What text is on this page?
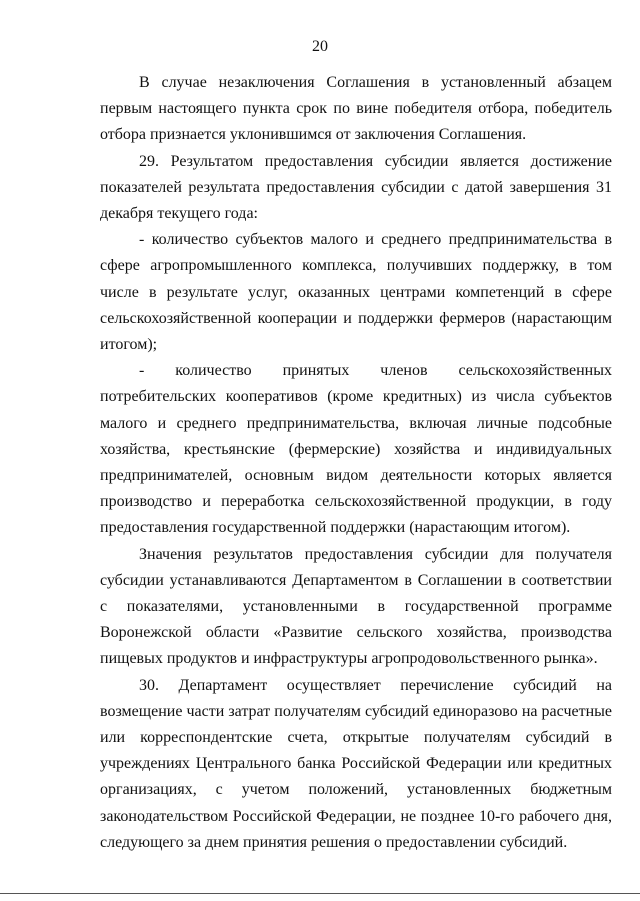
20

В случае незаключения Соглашения в установленный абзацем первым настоящего пункта срок по вине победителя отбора, победитель отбора признается уклонившимся от заключения Соглашения.

29. Результатом предоставления субсидии является достижение показателей результата предоставления субсидии с датой завершения 31 декабря текущего года:

- количество субъектов малого и среднего предпринимательства в сфере агропромышленного комплекса, получивших поддержку, в том числе в результате услуг, оказанных центрами компетенций в сфере сельскохозяйственной кооперации и поддержки фермеров (нарастающим итогом);

- количество принятых членов сельскохозяйственных потребительских кооперативов (кроме кредитных) из числа субъектов малого и среднего предпринимательства, включая личные подсобные хозяйства, крестьянские (фермерские) хозяйства и индивидуальных предпринимателей, основным видом деятельности которых является производство и переработка сельскохозяйственной продукции, в году предоставления государственной поддержки (нарастающим итогом).

Значения результатов предоставления субсидии для получателя субсидии устанавливаются Департаментом в Соглашении в соответствии с показателями, установленными в государственной программе Воронежской области «Развитие сельского хозяйства, производства пищевых продуктов и инфраструктуры агропродовольственного рынка».

30. Департамент осуществляет перечисление субсидий на возмещение части затрат получателям субсидий единоразово на расчетные или корреспондентские счета, открытые получателям субсидий в учреждениях Центрального банка Российской Федерации или кредитных организациях, с учетом положений, установленных бюджетным законодательством Российской Федерации, не позднее 10-го рабочего дня, следующего за днем принятия решения о предоставлении субсидий.
